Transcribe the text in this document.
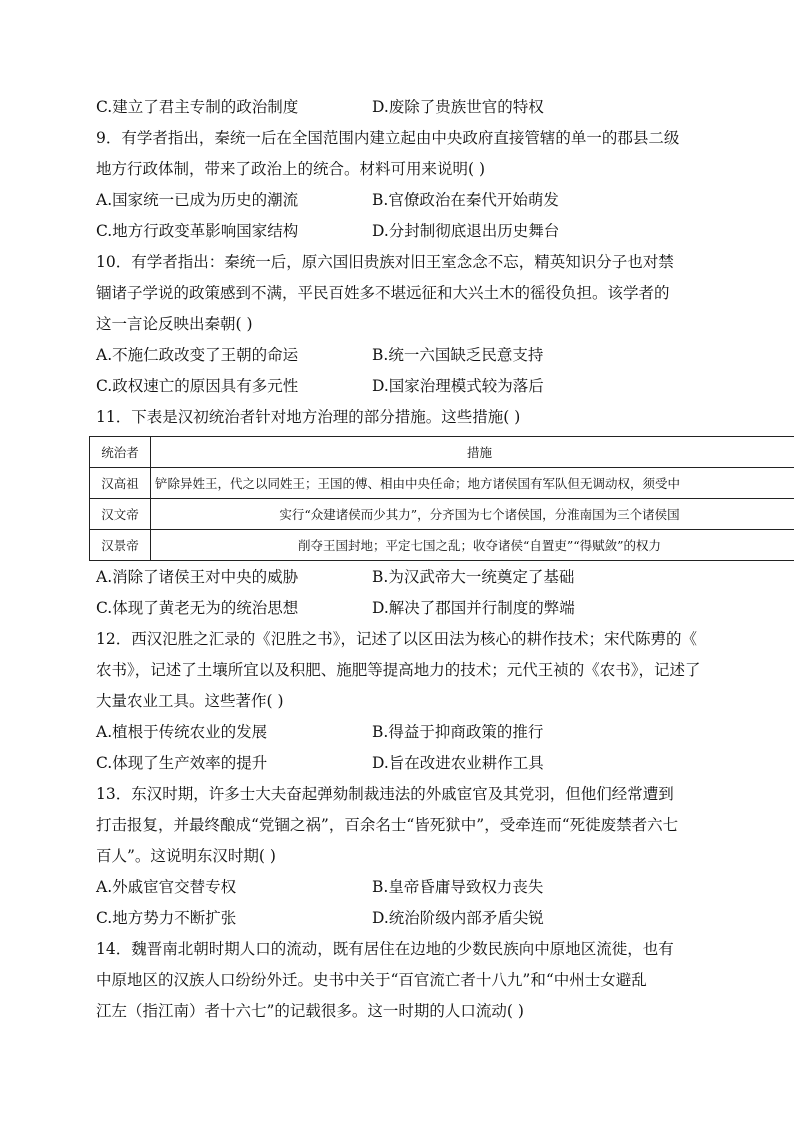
C.建立了君主专制的政治制度	D.废除了贵族世官的特权
9．有学者指出，秦统一后在全国范围内建立起由中央政府直接管辖的单一的郡县二级
地方行政体制，带来了政治上的统合。材料可用来说明( )
A.国家统一已成为历史的潮流	B.官僚政治在秦代开始萌发
C.地方行政变革影响国家结构	D.分封制彻底退出历史舞台
10．有学者指出：秦统一后，原六国旧贵族对旧王室念念不忘，精英知识分子也对禁
锢诸子学说的政策感到不满，平民百姓多不堪远征和大兴土木的徭役负担。该学者的
这一言论反映出秦朝( )
A.不施仁政改变了王朝的命运	B.统一六国缺乏民意支持
C.政权速亡的原因具有多元性	D.国家治理模式较为落后
11．下表是汉初统治者针对地方治理的部分措施。这些措施( )
统治者	措施
汉高祖	铲除异姓王，代之以同姓王；王国的傅、相由中央任命；地方诸侯国有军队但无调动权，须受中
汉文帝	实行“众建诸侯而少其力”，分齐国为七个诸侯国，分淮南国为三个诸侯国
汉景帝	削夺王国封地；平定七国之乱；收夺诸侯“自置吏”“得赋敛”的权力
A.消除了诸侯王对中央的威胁	B.为汉武帝大一统奠定了基础
C.体现了黄老无为的统治思想	D.解决了郡国并行制度的弊端
12．西汉氾胜之汇录的《氾胜之书》，记述了以区田法为核心的耕作技术；宋代陈旉的《
农书》，记述了土壤所宜以及积肥、施肥等提高地力的技术；元代王祯的《农书》，记述了
大量农业工具。这些著作( )
A.植根于传统农业的发展	B.得益于抑商政策的推行
C.体现了生产效率的提升	D.旨在改进农业耕作工具
13．东汉时期，许多士大夫奋起弹劾制裁违法的外戚宦官及其党羽，但他们经常遭到
打击报复，并最终酿成“党锢之祸”，百余名士“皆死狱中”，受牵连而“死徙废禁者六七
百人”。这说明东汉时期( )
A.外戚宦官交替专权	B.皇帝昏庸导致权力丧失
C.地方势力不断扩张	D.统治阶级内部矛盾尖锐
14．魏晋南北朝时期人口的流动，既有居住在边地的少数民族向中原地区流徙，也有
中原地区的汉族人口纷纷外迁。史书中关于“百官流亡者十八九”和“中州士女避乱
江左（指江南）者十六七”的记载很多。这一时期的人口流动( )
